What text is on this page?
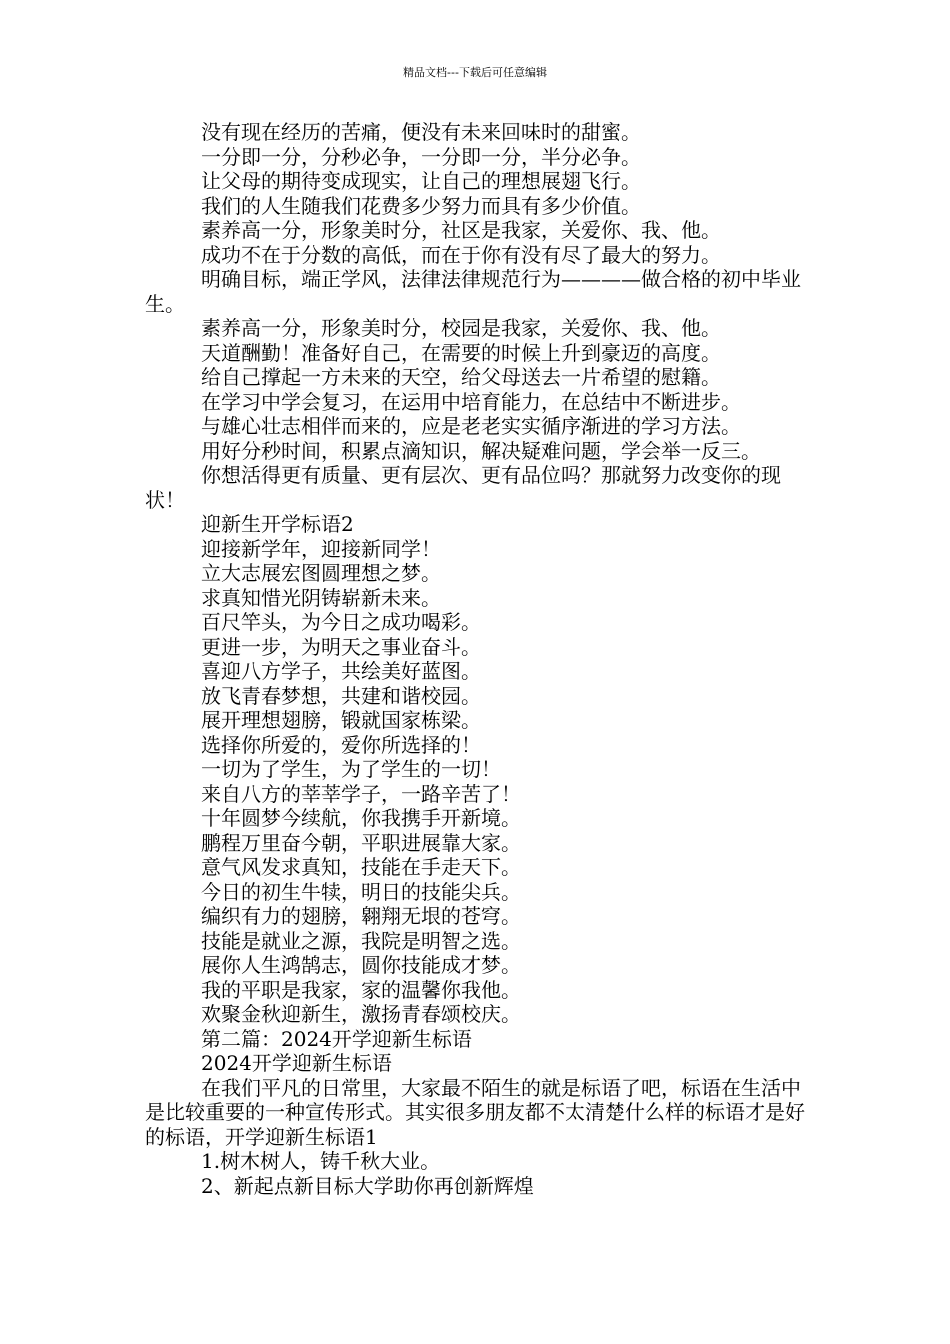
精品文档---下载后可任意编辑

没有现在经历的苦痛，便没有未来回味时的甜蜜。

一分即一分，分秒必争，一分即一分，半分必争。

让父母的期待变成现实，让自己的理想展翅飞行。

我们的人生随我们花费多少努力而具有多少价值。

素养高一分，形象美时分，社区是我家，关爱你、我、他。

成功不在于分数的高低，而在于你有没有尽了最大的努力。

明确目标，端正学风，法律法律规范行为————做合格的初中毕业生。

素养高一分，形象美时分，校园是我家，关爱你、我、他。

天道酬勤！准备好自己，在需要的时候上升到豪迈的高度。

给自己撑起一方未来的天空，给父母送去一片希望的慰籍。

在学习中学会复习，在运用中培育能力，在总结中不断进步。

与雄心壮志相伴而来的，应是老老实实循序渐进的学习方法。

用好分秒时间，积累点滴知识，解决疑难问题，学会举一反三。

你想活得更有质量、更有层次、更有品位吗？那就努力改变你的现状！

迎新生开学标语2

迎接新学年，迎接新同学！

立大志展宏图圆理想之梦。

求真知惜光阴铸崭新未来。

百尺竿头，为今日之成功喝彩。

更进一步，为明天之事业奋斗。

喜迎八方学子，共绘美好蓝图。

放飞青春梦想，共建和谐校园。

展开理想翅膀，锻就国家栋梁。

选择你所爱的，爱你所选择的！

一切为了学生，为了学生的一切！

来自八方的莘莘学子，一路辛苦了！

十年圆梦今续航，你我携手开新境。

鹏程万里奋今朝，平职进展靠大家。

意气风发求真知，技能在手走天下。

今日的初生牛犊，明日的技能尖兵。

编织有力的翅膀，翱翔无垠的苍穹。

技能是就业之源，我院是明智之选。

展你人生鸿鹄志，圆你技能成才梦。

我的平职是我家，家的温馨你我他。

欢聚金秋迎新生，激扬青春颂校庆。

第二篇：2024开学迎新生标语

2024开学迎新生标语

在我们平凡的日常里，大家最不陌生的就是标语了吧，标语在生活中是比较重要的一种宣传形式。其实很多朋友都不太清楚什么样的标语才是好的标语，开学迎新生标语1

1.树木树人，铸千秋大业。

2、新起点新目标大学助你再创新辉煌
